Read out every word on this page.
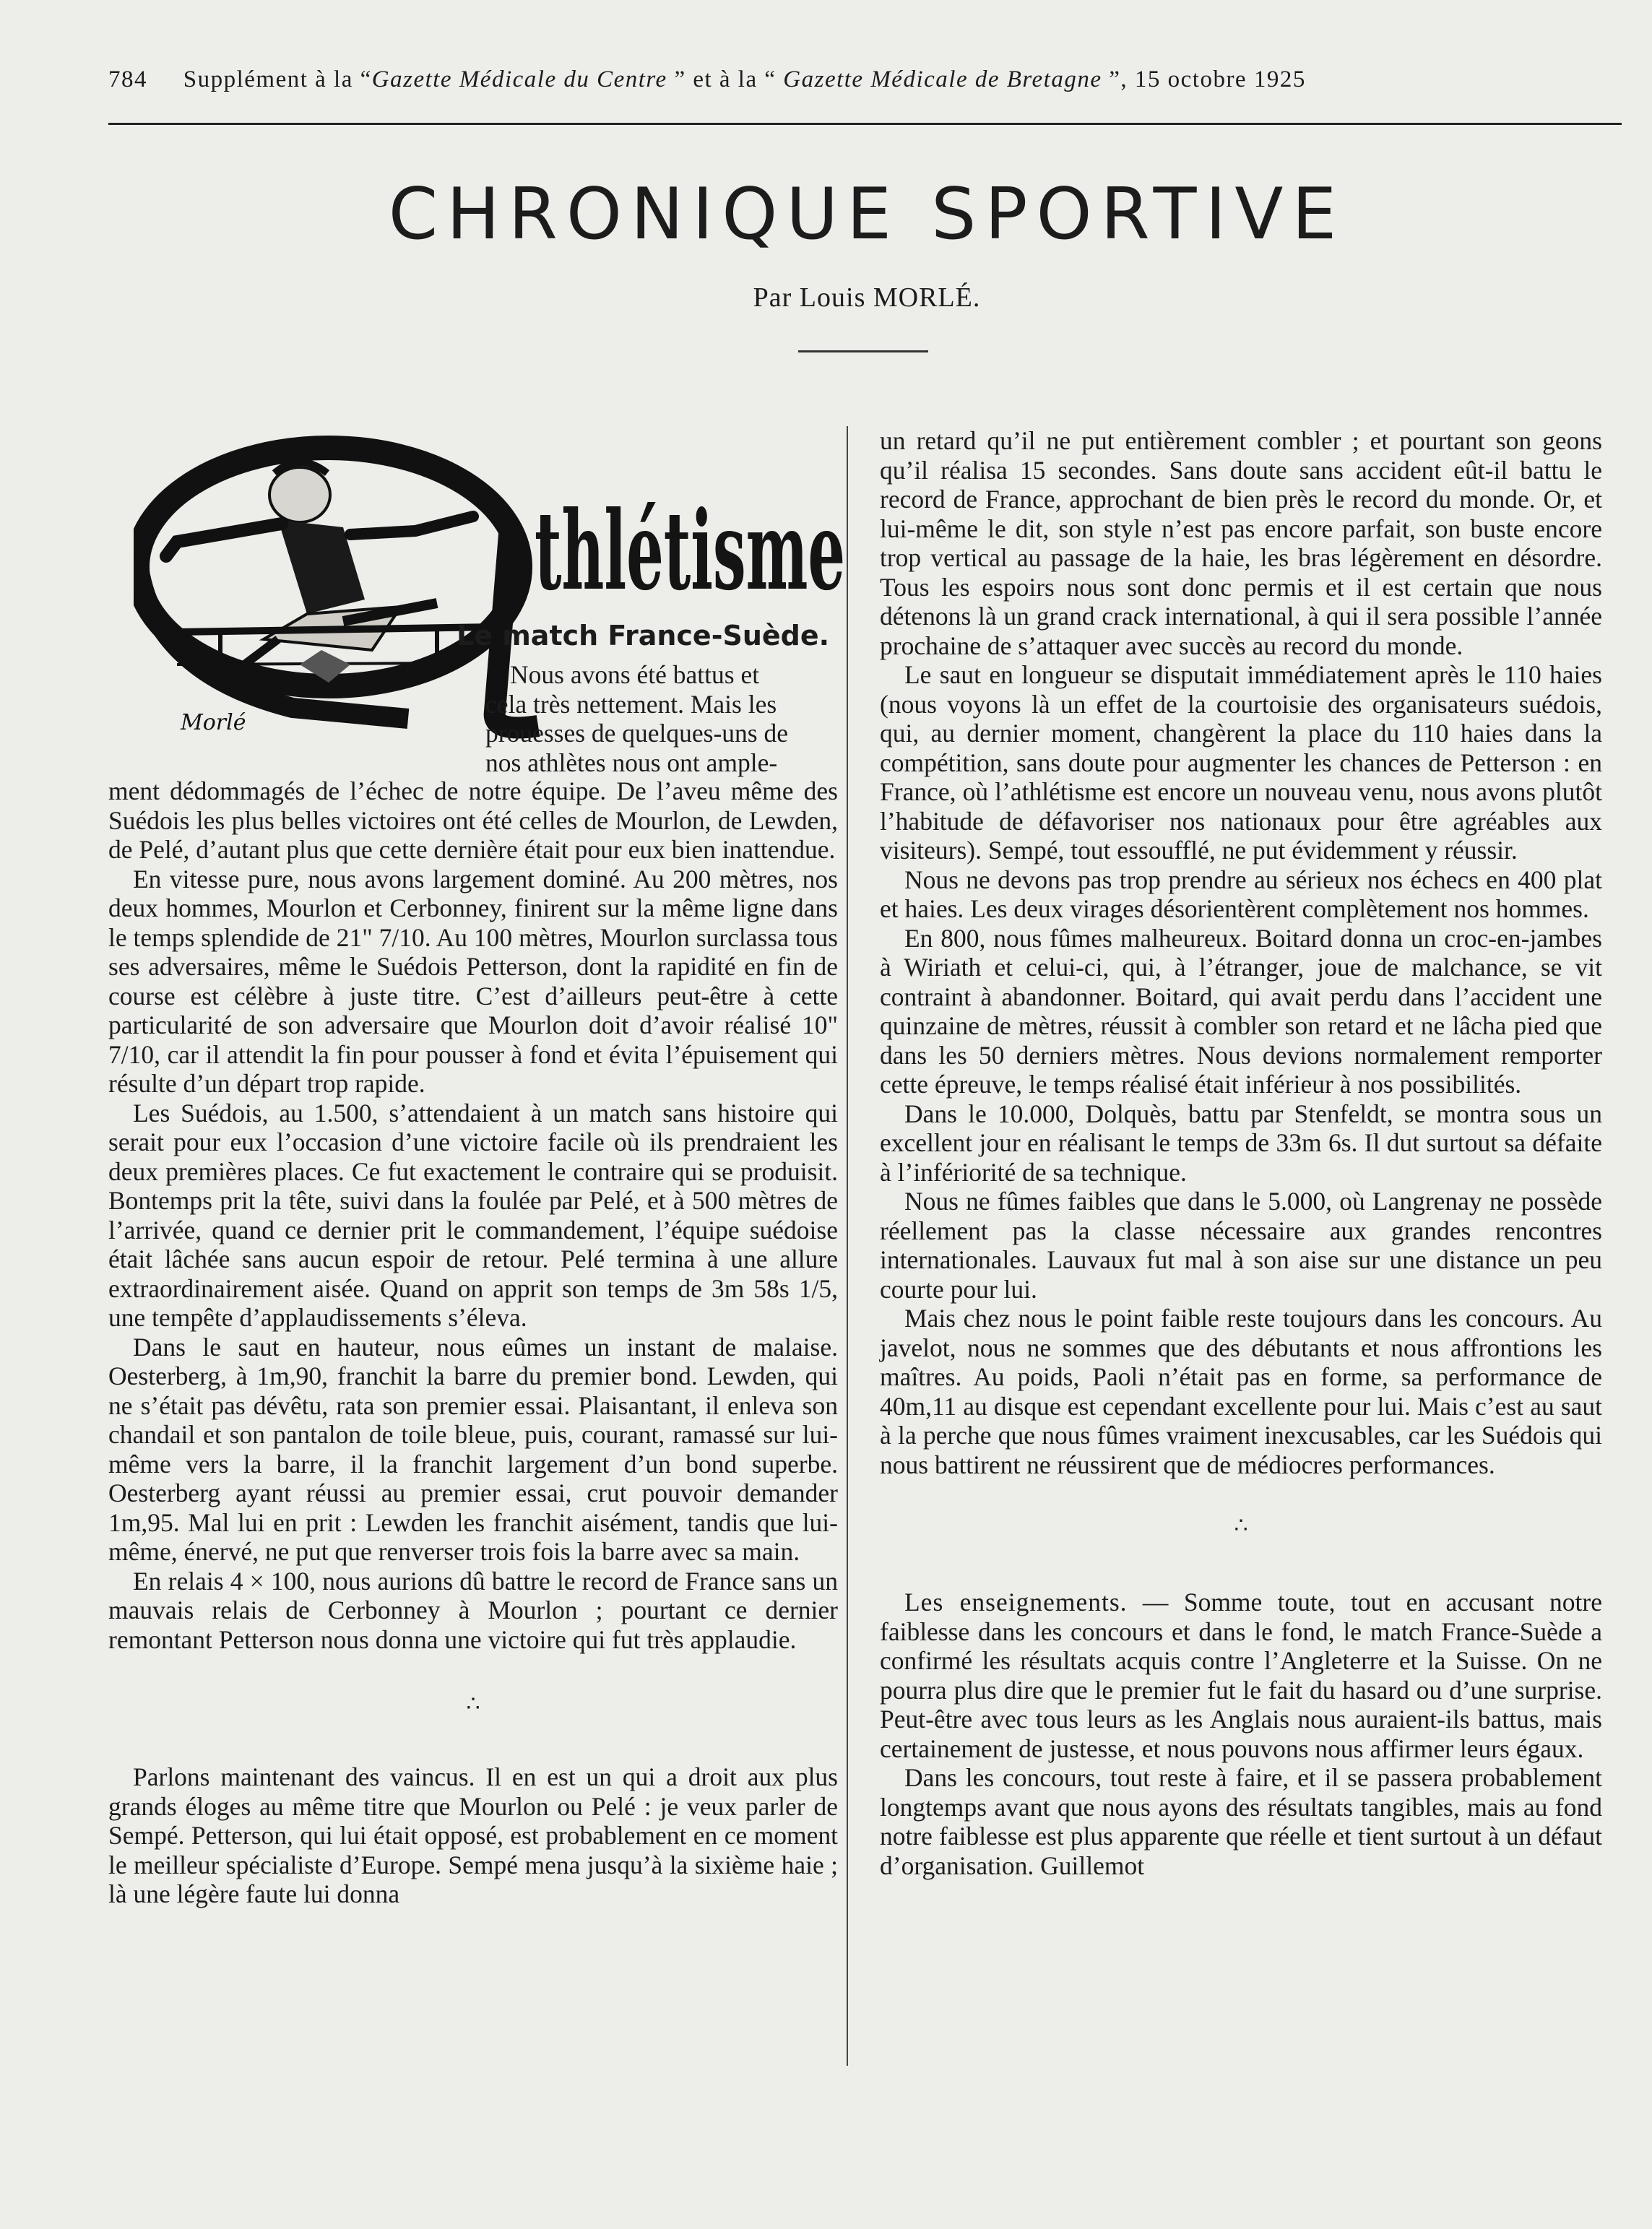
784 Supplément à la “Gazette Médicale du Centre ” et à la “ Gazette Médicale de Bretagne ”, 15 octobre 1925
CHRONIQUE SPORTIVE
Par Louis MORLÉ.
Morlé
thlétisme
Le match France-Suède.
Nous avons été battus et
cela très nettement. Mais les
prouesses de quelques-uns de
nos athlètes nous ont ample-

ment dédommagés de l’échec de notre équipe. De l’aveu même des Suédois les plus belles victoires ont été celles de Mourlon, de Lewden, de Pelé, d’autant plus que cette dernière était pour eux bien inattendue.

En vitesse pure, nous avons largement dominé. Au 200 mètres, nos deux hommes, Mourlon et Cerbonney, finirent sur la même ligne dans le temps splendide de 21" 7/10. Au 100 mètres, Mourlon surclassa tous ses adversaires, même le Suédois Petterson, dont la rapidité en fin de course est célèbre à juste titre. C’est d’ailleurs peut-être à cette particularité de son adversaire que Mourlon doit d’avoir réalisé 10" 7/10, car il attendit la fin pour pousser à fond et évita l’épuisement qui résulte d’un départ trop rapide.

Les Suédois, au 1.500, s’attendaient à un match sans histoire qui serait pour eux l’occasion d’une victoire facile où ils prendraient les deux premières places. Ce fut exactement le contraire qui se produisit. Bontemps prit la tête, suivi dans la foulée par Pelé, et à 500 mètres de l’arrivée, quand ce dernier prit le commandement, l’équipe suédoise était lâchée sans aucun espoir de retour. Pelé termina à une allure extraordinairement aisée. Quand on apprit son temps de 3m 58s 1/5, une tempête d’applaudissements s’éleva.

Dans le saut en hauteur, nous eûmes un instant de malaise. Oesterberg, à 1m,90, franchit la barre du premier bond. Lewden, qui ne s’était pas dévêtu, rata son premier essai. Plaisantant, il enleva son chandail et son pantalon de toile bleue, puis, courant, ramassé sur lui-même vers la barre, il la franchit largement d’un bond superbe. Oesterberg ayant réussi au premier essai, crut pouvoir demander 1m,95. Mal lui en prit : Lewden les franchit aisément, tandis que lui-même, énervé, ne put que renverser trois fois la barre avec sa main.

En relais 4 × 100, nous aurions dû battre le record de France sans un mauvais relais de Cerbonney à Mourlon ; pourtant ce dernier remontant Petterson nous donna une victoire qui fut très applaudie.

∴

Parlons maintenant des vaincus. Il en est un qui a droit aux plus grands éloges au même titre que Mourlon ou Pelé : je veux parler de Sempé. Petterson, qui lui était opposé, est probablement en ce moment le meilleur spécialiste d’Europe. Sempé mena jusqu’à la sixième haie ; là une légère faute lui donna

un retard qu’il ne put entièrement combler ; et pourtant son geons qu’il réalisa 15 secondes. Sans doute sans accident eût-il battu le record de France, approchant de bien près le record du monde. Or, et lui-même le dit, son style n’est pas encore parfait, son buste encore trop vertical au passage de la haie, les bras légèrement en désordre. Tous les espoirs nous sont donc permis et il est certain que nous détenons là un grand crack international, à qui il sera possible l’année prochaine de s’attaquer avec succès au record du monde.

Le saut en longueur se disputait immédiatement après le 110 haies (nous voyons là un effet de la courtoisie des organisateurs suédois, qui, au dernier moment, changèrent la place du 110 haies dans la compétition, sans doute pour augmenter les chances de Petterson : en France, où l’athlétisme est encore un nouveau venu, nous avons plutôt l’habitude de défavoriser nos nationaux pour être agréables aux visiteurs). Sempé, tout essoufflé, ne put évidemment y réussir.

Nous ne devons pas trop prendre au sérieux nos échecs en 400 plat et haies. Les deux virages désorientèrent complètement nos hommes.

En 800, nous fûmes malheureux. Boitard donna un croc-en-jambes à Wiriath et celui-ci, qui, à l’étranger, joue de malchance, se vit contraint à abandonner. Boitard, qui avait perdu dans l’accident une quinzaine de mètres, réussit à combler son retard et ne lâcha pied que dans les 50 derniers mètres. Nous devions normalement remporter cette épreuve, le temps réalisé était inférieur à nos possibilités.

Dans le 10.000, Dolquès, battu par Stenfeldt, se montra sous un excellent jour en réalisant le temps de 33m 6s. Il dut surtout sa défaite à l’infériorité de sa technique.

Nous ne fûmes faibles que dans le 5.000, où Langrenay ne possède réellement pas la classe nécessaire aux grandes rencontres internationales. Lauvaux fut mal à son aise sur une distance un peu courte pour lui.

Mais chez nous le point faible reste toujours dans les concours. Au javelot, nous ne sommes que des débutants et nous affrontions les maîtres. Au poids, Paoli n’était pas en forme, sa performance de 40m,11 au disque est cependant excellente pour lui. Mais c’est au saut à la perche que nous fûmes vraiment inexcusables, car les Suédois qui nous battirent ne réussirent que de médiocres performances.

∴

Les enseignements. — Somme toute, tout en accusant notre faiblesse dans les concours et dans le fond, le match France-Suède a confirmé les résultats acquis contre l’Angleterre et la Suisse. On ne pourra plus dire que le premier fut le fait du hasard ou d’une surprise. Peut-être avec tous leurs as les Anglais nous auraient-ils battus, mais certainement de justesse, et nous pouvons nous affirmer leurs égaux.

Dans les concours, tout reste à faire, et il se passera probablement longtemps avant que nous ayons des résultats tangibles, mais au fond notre faiblesse est plus apparente que réelle et tient surtout à un défaut d’organisation. Guillemot
